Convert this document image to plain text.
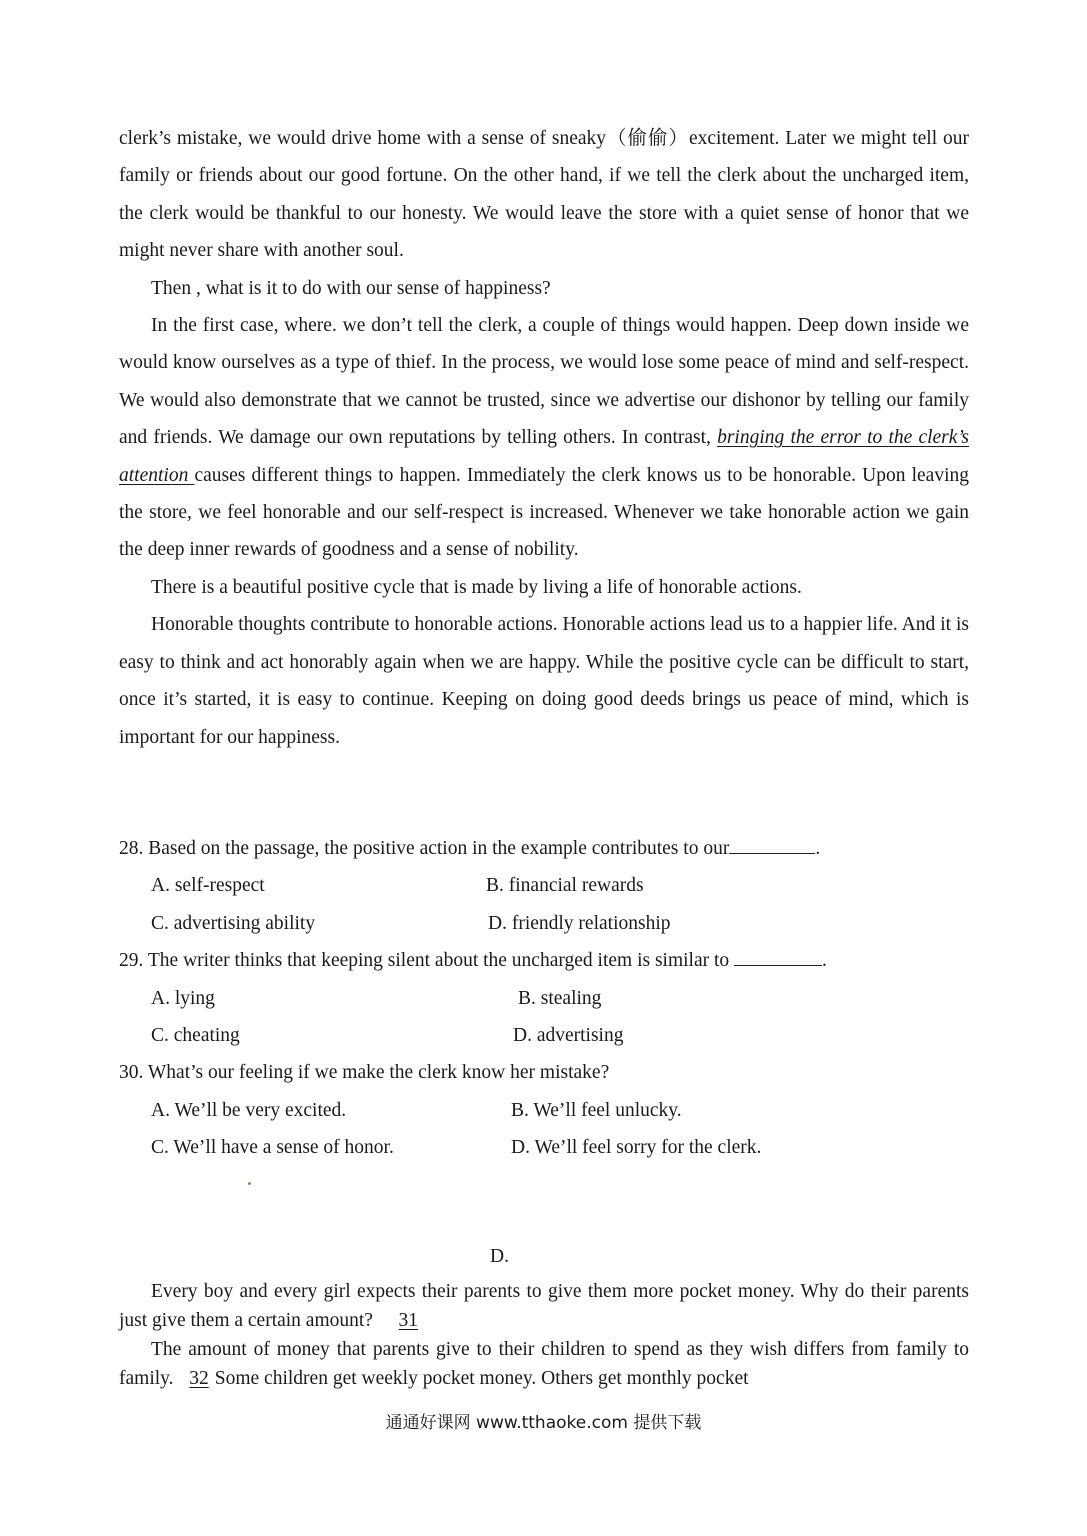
clerk’s mistake, we would drive home with a sense of sneaky（偷偷）excitement. Later we might tell our family or friends about our good fortune. On the other hand, if we tell the clerk about the uncharged item, the clerk would be thankful to our honesty. We would leave the store with a quiet sense of honor that we might never share with another soul.

Then , what is it to do with our sense of happiness?

In the first case, where. we don’t tell the clerk, a couple of things would happen. Deep down inside we would know ourselves as a type of thief. In the process, we would lose some peace of mind and self-respect. We would also demonstrate that we cannot be trusted, since we advertise our dishonor by telling our family and friends. We damage our own reputations by telling others. In contrast, bringing the error to the clerk’s attention causes different things to happen. Immediately the clerk knows us to be honorable. Upon leaving the store, we feel honorable and our self-respect is increased. Whenever we take honorable action we gain the deep inner rewards of goodness and a sense of nobility.

There is a beautiful positive cycle that is made by living a life of honorable actions.

Honorable thoughts contribute to honorable actions. Honorable actions lead us to a happier life. And it is easy to think and act honorably again when we are happy. While the positive cycle can be difficult to start, once it’s started, it is easy to continue. Keeping on doing good deeds brings us peace of mind, which is important for our happiness.

28. Based on the passage, the positive action in the example contributes to our	.

A. self-respect	B. financial rewards
C. advertising ability	D. friendly relationship

29. The writer thinks that keeping silent about the uncharged item is similar to	.

A. lying	B. stealing
C. cheating	D. advertising

30. What’s our feeling if we make the clerk know her mistake?

A. We’ll be very excited.	B. We’ll feel unlucky.
C. We’ll have a sense of honor.	D. We’ll feel sorry for the clerk.
D.

Every boy and every girl expects their parents to give them more pocket money. Why do their parents just give them a certain amount? 31

The amount of money that parents give to their children to spend as they wish differs from family to family. 32 Some children get weekly pocket money. Others get monthly pocket

通通好课网 www.tthaoke.com 提供下载
